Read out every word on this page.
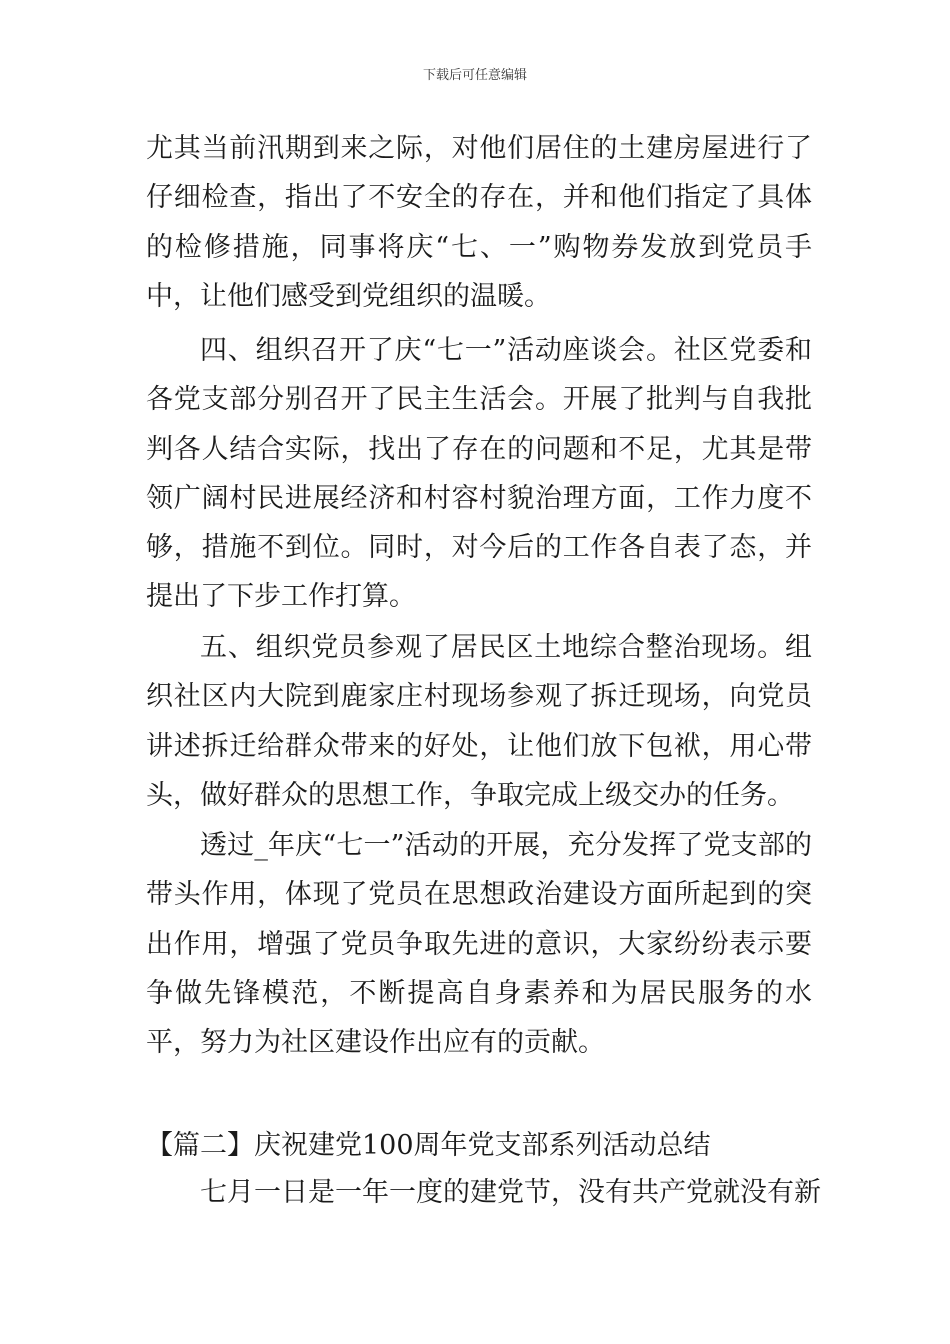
下载后可任意编辑

尤其当前汛期到来之际，对他们居住的土建房屋进行了仔细检查，指出了不安全的存在，并和他们指定了具体的检修措施，同事将庆“七、一”购物券发放到党员手中，让他们感受到党组织的温暖。

四、组织召开了庆“七一”活动座谈会。社区党委和各党支部分别召开了民主生活会。开展了批判与自我批判各人结合实际，找出了存在的问题和不足，尤其是带领广阔村民进展经济和村容村貌治理方面，工作力度不够，措施不到位。同时，对今后的工作各自表了态，并提出了下步工作打算。

五、组织党员参观了居民区土地综合整治现场。组织社区内大院到鹿家庄村现场参观了拆迁现场，向党员讲述拆迁给群众带来的好处，让他们放下包袱，用心带头，做好群众的思想工作，争取完成上级交办的任务。

透过_年庆“七一”活动的开展，充分发挥了党支部的带头作用，体现了党员在思想政治建设方面所起到的突出作用，增强了党员争取先进的意识，大家纷纷表示要争做先锋模范，不断提高自身素养和为居民服务的水平，努力为社区建设作出应有的贡献。

【篇二】庆祝建党100周年党支部系列活动总结

七月一日是一年一度的建党节，没有共产党就没有新
